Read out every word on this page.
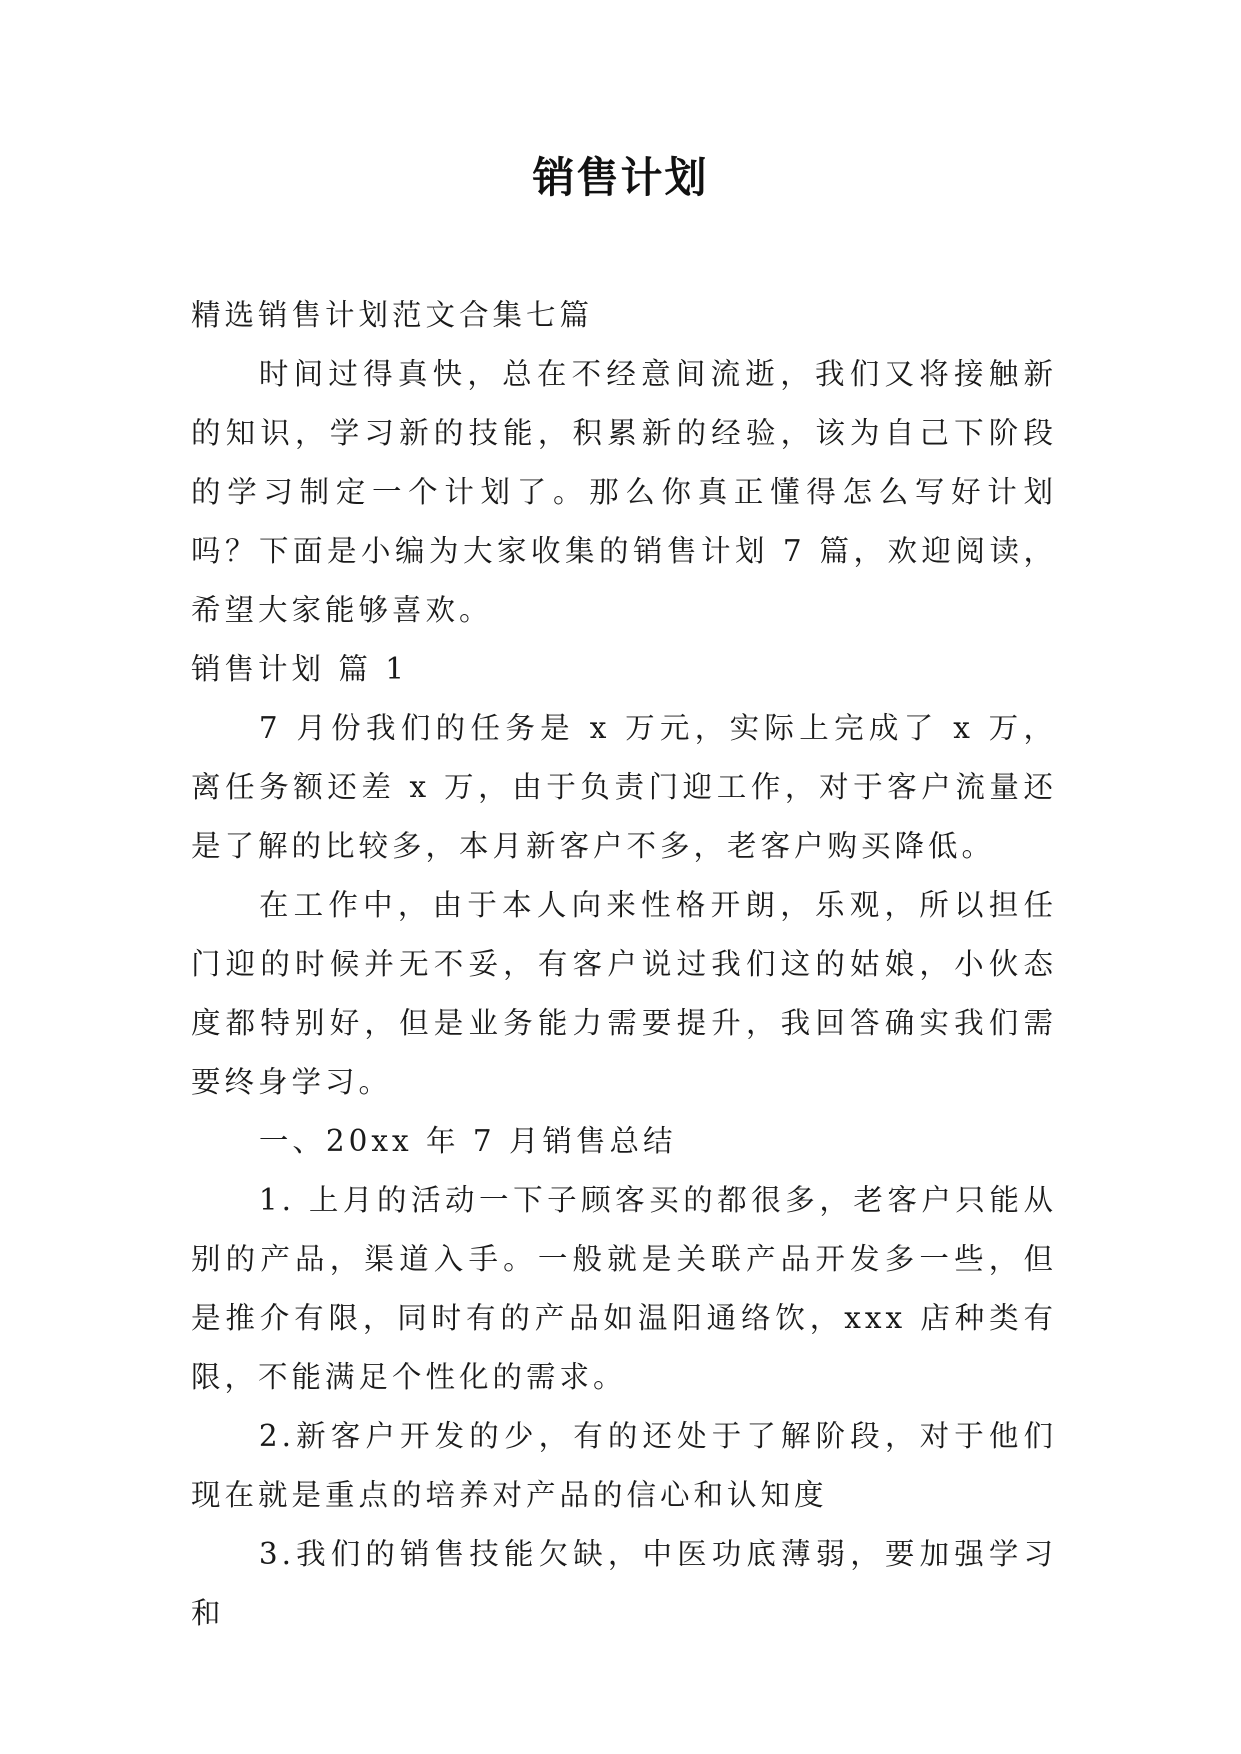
销售计划

精选销售计划范文合集七篇

时间过得真快，总在不经意间流逝，我们又将接触新的知识，学习新的技能，积累新的经验，该为自己下阶段的学习制定一个计划了。那么你真正懂得怎么写好计划吗？下面是小编为大家收集的销售计划 7 篇，欢迎阅读，希望大家能够喜欢。

销售计划 篇 1

7 月份我们的任务是 x 万元，实际上完成了 x 万，离任务额还差 x 万，由于负责门迎工作，对于客户流量还是了解的比较多，本月新客户不多，老客户购买降低。

在工作中，由于本人向来性格开朗，乐观，所以担任门迎的时候并无不妥，有客户说过我们这的姑娘，小伙态度都特别好，但是业务能力需要提升，我回答确实我们需要终身学习。

一、20xx 年 7 月销售总结

1. 上月的活动一下子顾客买的都很多，老客户只能从别的产品，渠道入手。一般就是关联产品开发多一些，但是推介有限，同时有的产品如温阳通络饮，xxx 店种类有限，不能满足个性化的需求。

2.新客户开发的少，有的还处于了解阶段，对于他们现在就是重点的培养对产品的信心和认知度

3.我们的销售技能欠缺，中医功底薄弱，要加强学习和
